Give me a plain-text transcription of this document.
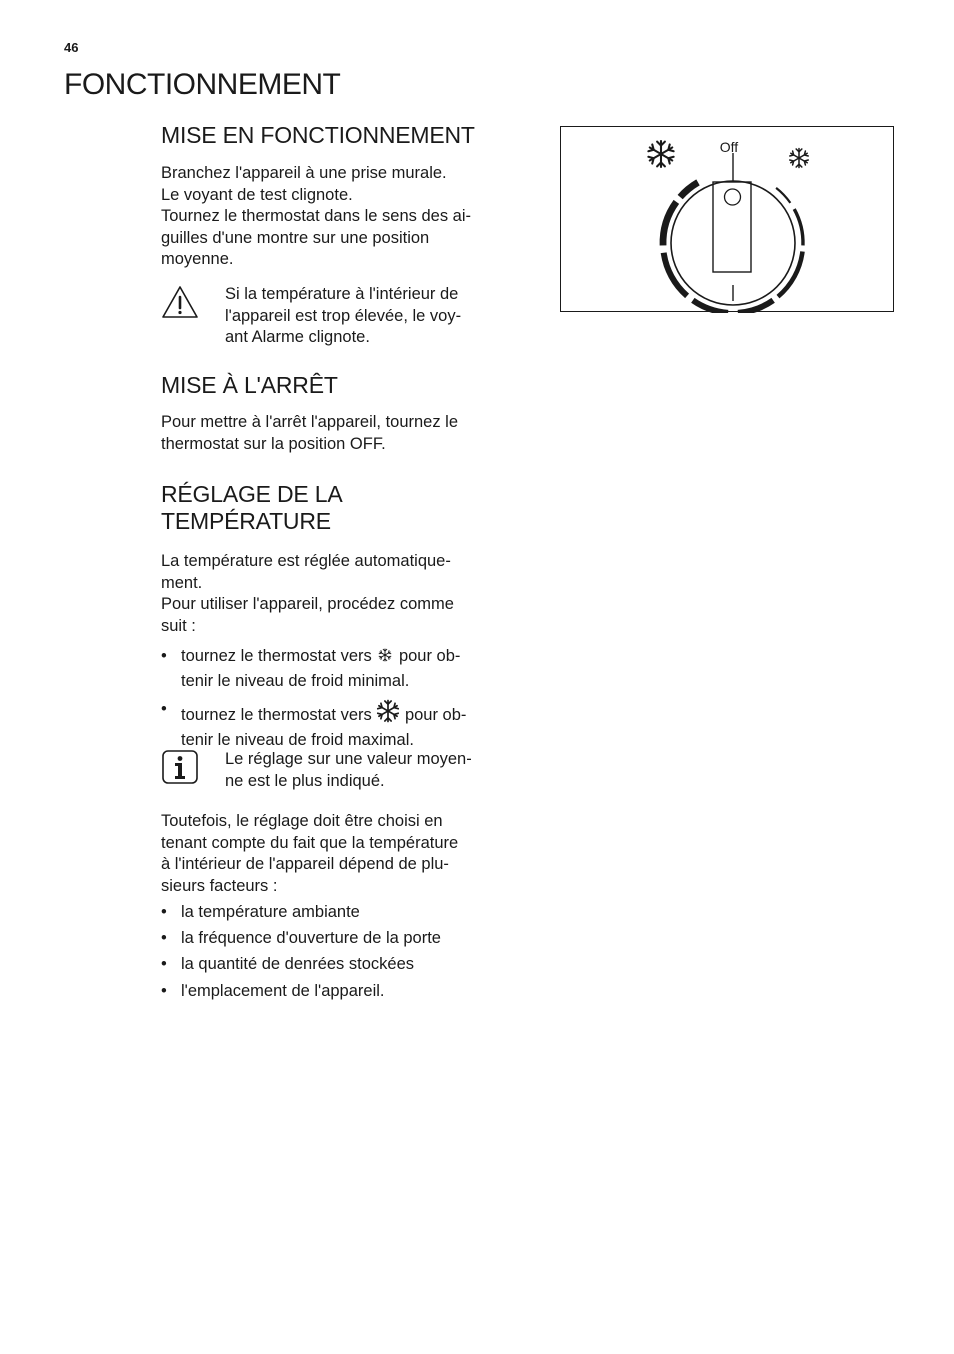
46
FONCTIONNEMENT
MISE EN FONCTIONNEMENT

Branchez l'appareil à une prise murale.
Le voyant de test clignote.
Tournez le thermostat dans le sens des ai-
guilles d'une montre sur une position
moyenne.

Si la température à l'intérieur de
l'appareil est trop élevée, le voy-
ant Alarme clignote.

MISE À L'ARRÊT

Pour mettre à l'arrêt l'appareil, tournez le
thermostat sur la position OFF.

RÉGLAGE DE LA
TEMPÉRATURE

La température est réglée automatique-
ment.
Pour utiliser l'appareil, procédez comme
suit :

• tournez le thermostat vers pour ob-
tenir le niveau de froid minimal.
• tournez le thermostat vers pour ob-
tenir le niveau de froid maximal.

Le réglage sur une valeur moyen-
ne est le plus indiqué.

Toutefois, le réglage doit être choisi en
tenant compte du fait que la température
à l'intérieur de l'appareil dépend de plu-
sieurs facteurs :

• la température ambiante
• la fréquence d'ouverture de la porte
• la quantité de denrées stockées
• l'emplacement de l'appareil.
Off
